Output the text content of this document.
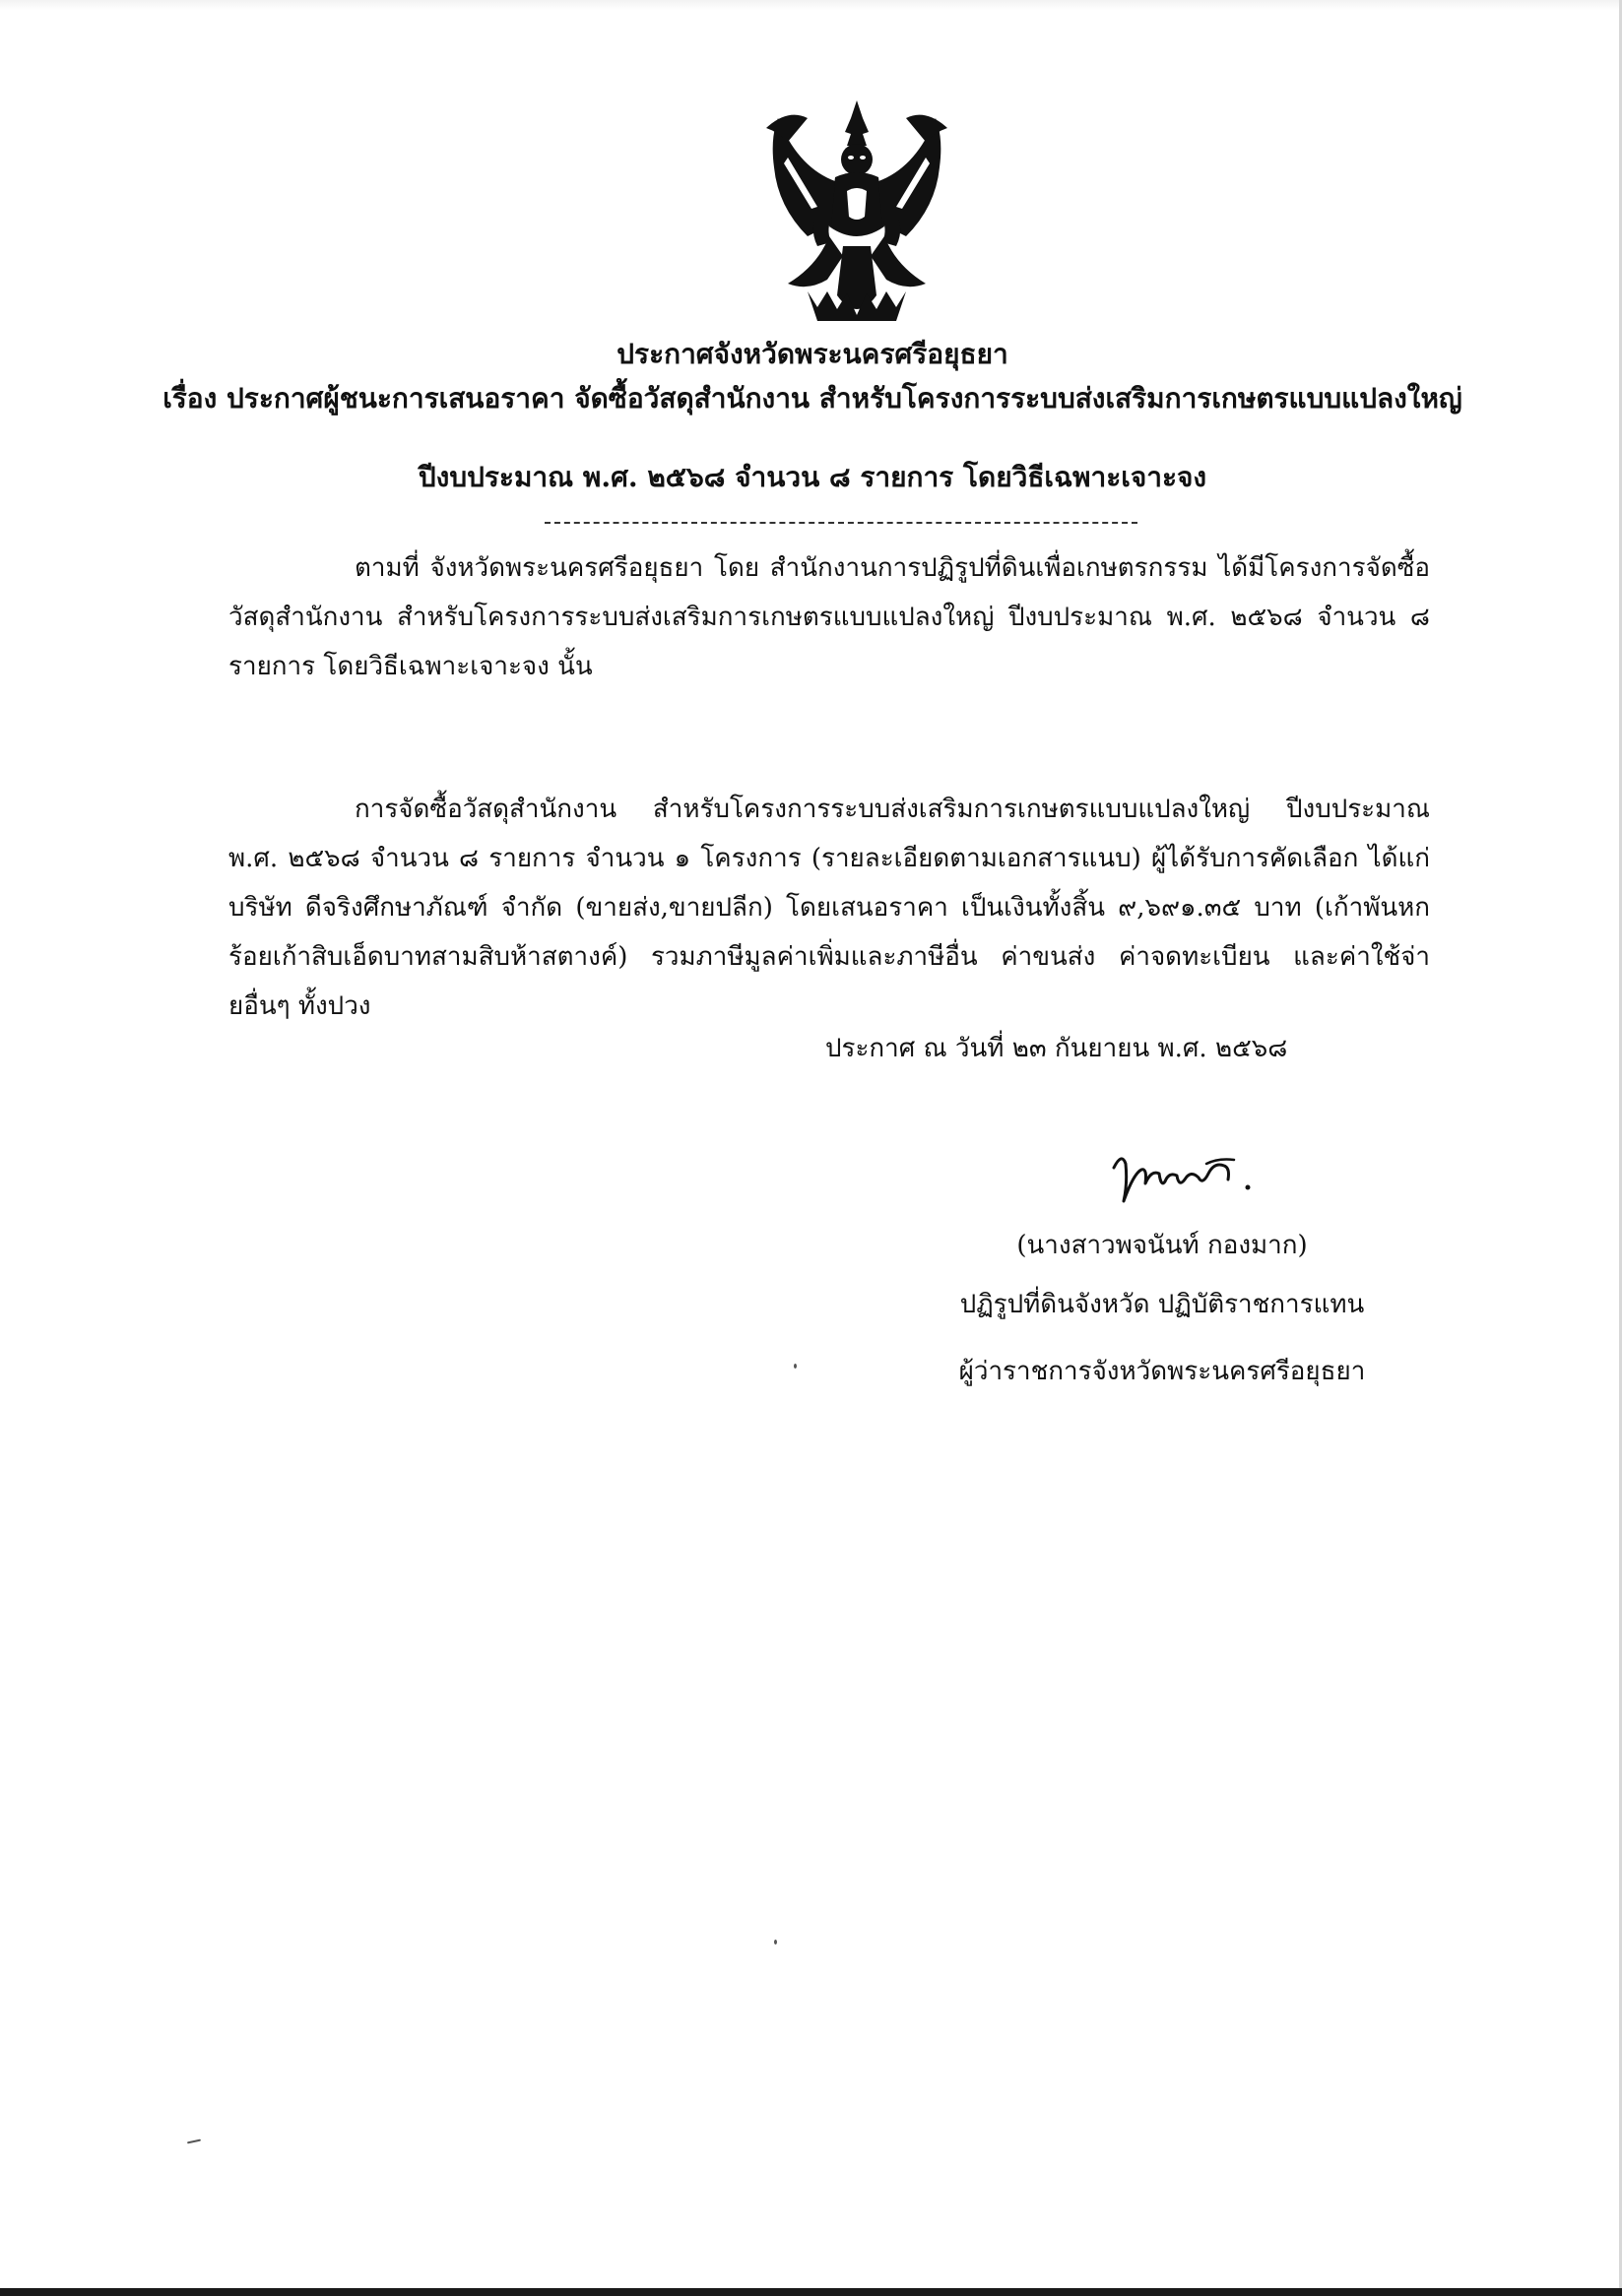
ประกาศจังหวัดพระนครศรีอยุธยา
เรื่อง ประกาศผู้ชนะการเสนอราคา จัดซื้อวัสดุสำนักงาน สำหรับโครงการระบบส่งเสริมการเกษตรแบบแปลงใหญ่
ปีงบประมาณ พ.ศ. ๒๕๖๘ จำนวน ๘ รายการ โดยวิธีเฉพาะเจาะจง
ตามที่ จังหวัดพระนครศรีอยุธยา โดย สำนักงานการปฏิรูปที่ดินเพื่อเกษตรกรรม ได้มีโครงการจัดซื้อวัสดุสำนักงาน สำหรับโครงการระบบส่งเสริมการเกษตรแบบแปลงใหญ่ ปีงบประมาณ พ.ศ. ๒๕๖๘ จำนวน ๘ รายการ โดยวิธีเฉพาะเจาะจง นั้น
การจัดซื้อวัสดุสำนักงาน สำหรับโครงการระบบส่งเสริมการเกษตรแบบแปลงใหญ่ ปีงบประมาณ พ.ศ. ๒๕๖๘ จำนวน ๘ รายการ จำนวน ๑ โครงการ (รายละเอียดตามเอกสารแนบ) ผู้ได้รับการคัดเลือก ได้แก่ บริษัท ดีจริงศึกษาภัณฑ์ จำกัด (ขายส่ง,ขายปลีก) โดยเสนอราคา เป็นเงินทั้งสิ้น ๙,๖๙๑.๓๕ บาท (เก้าพันหกร้อยเก้าสิบเอ็ดบาทสามสิบห้าสตางค์) รวมภาษีมูลค่าเพิ่มและภาษีอื่น ค่าขนส่ง ค่าจดทะเบียน และค่าใช้จ่ายอื่นๆ ทั้งปวง
ประกาศ ณ วันที่ ๒๓ กันยายน พ.ศ. ๒๕๖๘
(นางสาวพจนันท์ กองมาก)
ปฏิรูปที่ดินจังหวัด ปฏิบัติราชการแทน
ผู้ว่าราชการจังหวัดพระนครศรีอยุธยา
